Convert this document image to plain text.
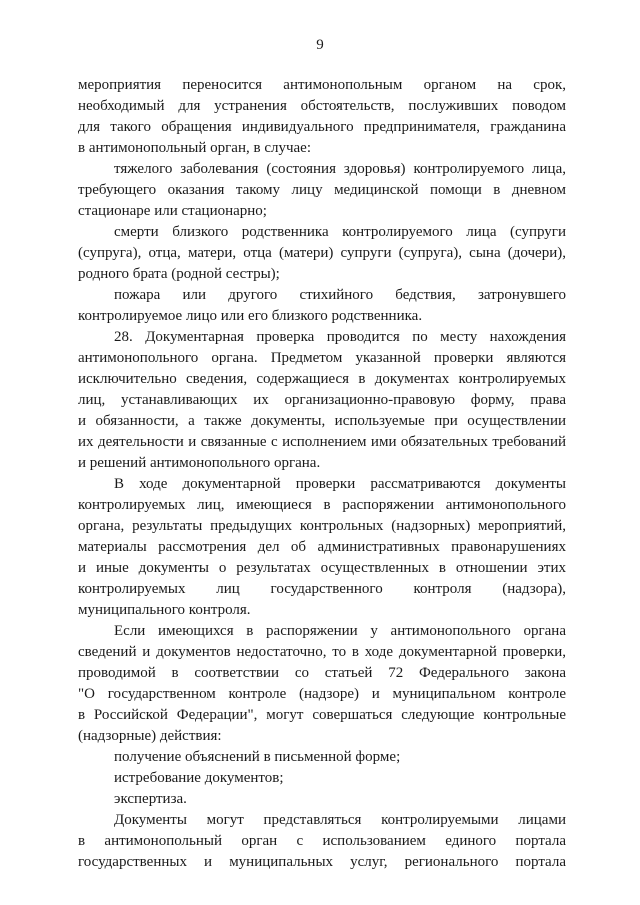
9
мероприятия переносится антимонопольным органом на срок,
необходимый для устранения обстоятельств, послуживших поводом
для такого обращения индивидуального предпринимателя, гражданина
в антимонопольный орган, в случае:
тяжелого заболевания (состояния здоровья) контролируемого лица,
требующего оказания такому лицу медицинской помощи в дневном
стационаре или стационарно;
смерти близкого родственника контролируемого лица (супруги
(супруга), отца, матери, отца (матери) супруги (супруга), сына (дочери),
родного брата (родной сестры);
пожара или другого стихийного бедствия, затронувшего
контролируемое лицо или его близкого родственника.
28. Документарная проверка проводится по месту нахождения
антимонопольного органа. Предметом указанной проверки являются
исключительно сведения, содержащиеся в документах контролируемых
лиц, устанавливающих их организационно-правовую форму, права
и обязанности, а также документы, используемые при осуществлении
их деятельности и связанные с исполнением ими обязательных требований
и решений антимонопольного органа.
В ходе документарной проверки рассматриваются документы
контролируемых лиц, имеющиеся в распоряжении антимонопольного
органа, результаты предыдущих контрольных (надзорных) мероприятий,
материалы рассмотрения дел об административных правонарушениях
и иные документы о результатах осуществленных в отношении этих
контролируемых лиц государственного контроля (надзора),
муниципального контроля.
Если имеющихся в распоряжении у антимонопольного органа
сведений и документов недостаточно, то в ходе документарной проверки,
проводимой в соответствии со статьей 72 Федерального закона
"О государственном контроле (надзоре) и муниципальном контроле
в Российской Федерации", могут совершаться следующие контрольные
(надзорные) действия:
получение объяснений в письменной форме;
истребование документов;
экспертиза.
Документы могут представляться контролируемыми лицами
в антимонопольный орган с использованием единого портала
государственных и муниципальных услуг, регионального портала
